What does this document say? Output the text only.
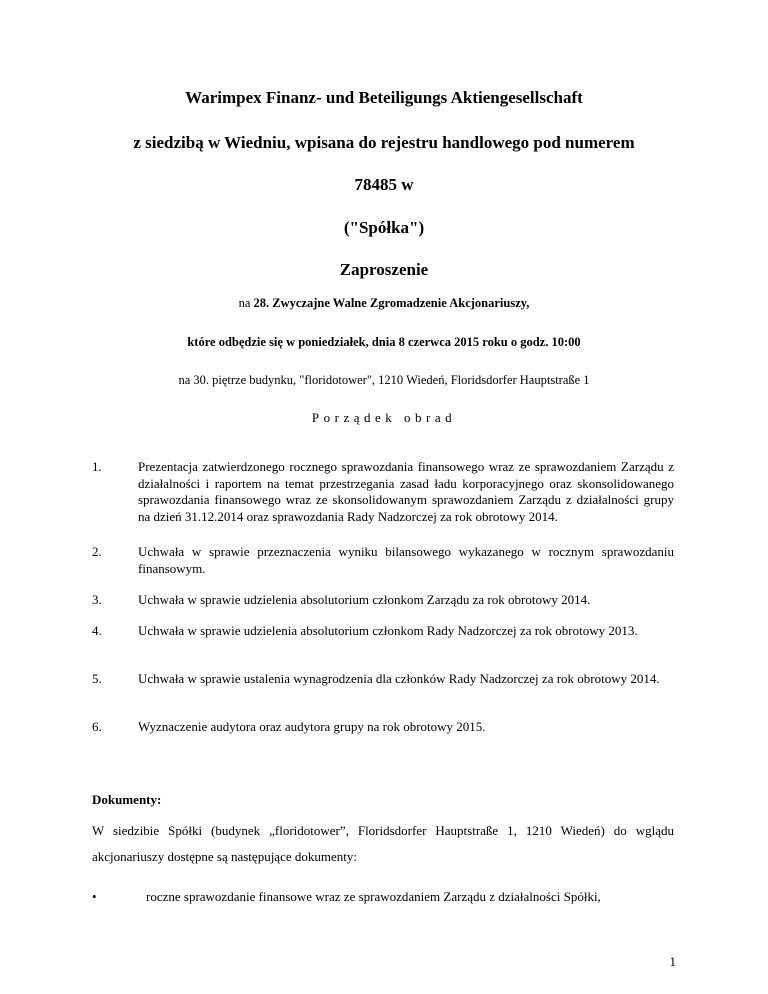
Warimpex Finanz- und Beteiligungs Aktiengesellschaft
z siedzibą w Wiedniu, wpisana do rejestru handlowego pod numerem
78485 w
("Spółka")
Zaproszenie
na 28. Zwyczajne Walne Zgromadzenie Akcjonariuszy,
które odbędzie się w poniedziałek, dnia 8 czerwca 2015 roku o godz. 10:00
na 30. piętrze budynku, "floridotower", 1210 Wiedeń, Floridsdorfer Hauptstraße 1
Porządek obrad
1.	Prezentacja zatwierdzonego rocznego sprawozdania finansowego wraz ze sprawozdaniem Zarządu z działalności i raportem na temat przestrzegania zasad ładu korporacyjnego oraz skonsolidowanego sprawozdania finansowego wraz ze skonsolidowanym sprawozdaniem Zarządu z działalności grupy na dzień 31.12.2014 oraz sprawozdania Rady Nadzorczej za rok obrotowy 2014.
2.	Uchwała w sprawie przeznaczenia wyniku bilansowego wykazanego w rocznym sprawozdaniu finansowym.
3.	Uchwała w sprawie udzielenia absolutorium członkom Zarządu za rok obrotowy 2014.
4.	Uchwała w sprawie udzielenia absolutorium członkom Rady Nadzorczej za rok obrotowy 2013.
5.	Uchwała w sprawie ustalenia wynagrodzenia dla członków Rady Nadzorczej za rok obrotowy 2014.
6.	Wyznaczenie audytora oraz audytora grupy na rok obrotowy 2015.
Dokumenty:
W siedzibie Spółki (budynek „floridotower”, Floridsdorfer Hauptstraße 1, 1210 Wiedeń) do wglądu akcjonariuszy dostępne są następujące dokumenty:
•	roczne sprawozdanie finansowe wraz ze sprawozdaniem Zarządu z działalności Spółki,
1
